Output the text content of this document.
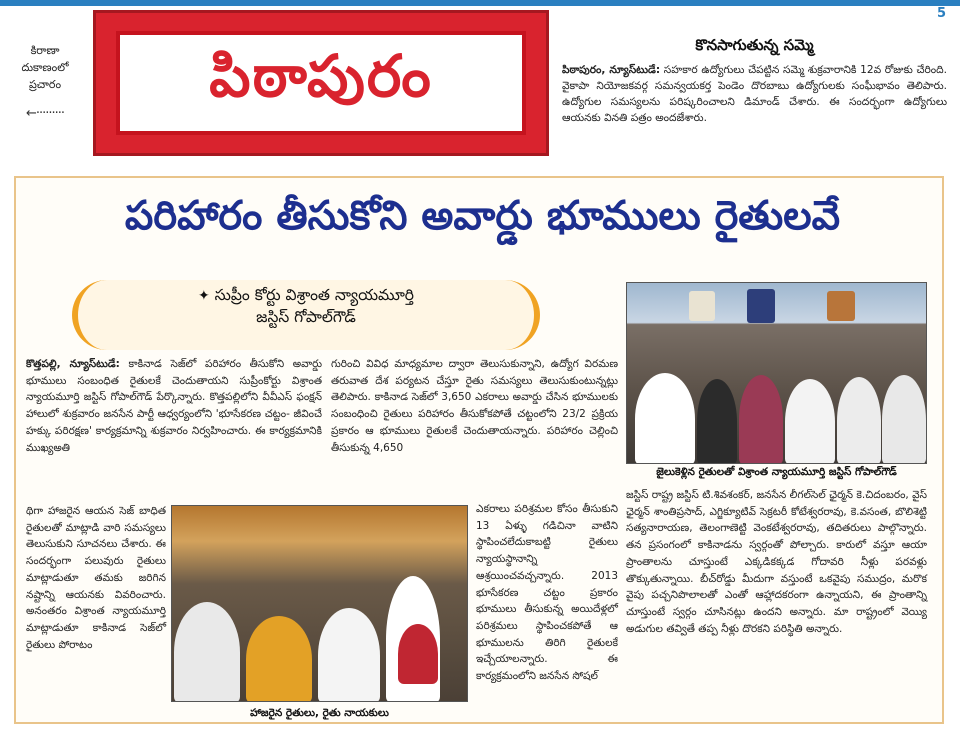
5
కిరాణా
దుకాణంలో
ప్రచారం
←·········
పిఠాపురం	కొనసాగుతున్న సమ్మె
పిఠాపురం, న్యూస్‌టుడే: సహకార ఉద్యోగులు చేపట్టిన సమ్మె శుక్రవారానికి 12వ రోజుకు చేరింది. వైకాపా నియోజకవర్గ సమన్వయకర్త పెండెం దొరబాబు ఉద్యోగులకు సంఘీభావం తెలిపారు. ఉద్యోగుల సమస్యలను పరిష్కరించాలని డిమాండ్ చేశారు. ఈ సందర్భంగా ఉద్యోగులు ఆయనకు వినతి పత్రం అందజేశారు.
పరిహారం తీసుకోని అవార్డు భూములు రైతులవే
✦ సుప్రీం కోర్టు విశ్రాంత న్యాయమూర్తి
జస్టిస్ గోపాల్‌గౌడ్
కొత్తపల్లి, న్యూస్‌టుడే: కాకినాడ సెజ్‌లో పరిహారం తీసుకోని అవార్డు భూములు సంబంధిత రైతులకే చెందుతాయని సుప్రీంకోర్టు విశ్రాంత న్యాయమూర్తి జస్టిస్ గోపాల్‌గౌడ్ పేర్కొన్నారు. కొత్తపల్లిలోని వీవీఎస్ ఫంక్షన్ హాలులో శుక్రవారం జనసేన పార్టీ ఆధ్వర్యంలోని 'భూసేకరణ చట్టం- జీవించే హక్కు పరిరక్షణ' కార్యక్రమాన్ని శుక్రవారం నిర్వహించారు. ఈ కార్యక్రమానికి ముఖ్యఅతి
థిగా హాజరైన ఆయన సెజ్ బాధిత రైతులతో మాట్లాడి వారి సమస్యలు తెలుసుకుని సూచనలు చేశారు. ఈ సందర్భంగా పలువురు రైతులు మాట్లాడుతూ తమకు జరిగిన నష్టాన్ని ఆయనకు వివరించారు. అనంతరం విశ్రాంత న్యాయమూర్తి మాట్లాడుతూ కాకినాడ సెజ్‌లో రైతులు పోరాటం
గురించి వివిధ మాధ్యమాల ద్వారా తెలుసుకున్నాని, ఉద్యోగ విరమణ తరువాత దేశ పర్యటన చేస్తూ రైతు సమస్యలు తెలుసుకుంటున్నట్లు తెలిపారు. కాకినాడ సెజ్‌లో 3,650 ఎకరాలు అవార్డు చేసిన భూములకు సంబంధించి రైతులు పరిహారం తీసుకోకపోతే చట్టంలోని 23/2 ప్రక్రియ ప్రకారం ఆ భూములు రైతులకే చెందుతాయన్నారు. పరిహారం చెల్లించి తీసుకున్న 4,650
ఎకరాలు పరిశ్రమల కోసం తీసుకుని 13 ఏళ్ళు గడిచినా వాటిని స్థాపించలేదుకాబట్టి రైతులు న్యాయస్థానాన్ని ఆశ్రయించవచ్చన్నారు. 2013 భూసేకరణ చట్టం ప్రకారం భూములు తీసుకున్న అయిదేళ్లలో పరిశ్రమలు స్థాపించకపోతే ఆ భూములను తిరిగి రైతులకే ఇచ్చేయాలన్నారు. ఈ కార్యక్రమంలోని జనసేన సోషల్
జస్టిస్ రాష్ట్ర జస్టిస్ టి.శివశంకర్, జనసేన లీగల్‌సెల్ ఛైర్మన్ కె.చిదంబరం, వైస్ ఛైర్మన్ శాంతిప్రసాద్, ఎగ్జిక్యూటివ్ సెక్రటరీ కోటేశ్వరరావు, కె.వసంత, బొలిశెట్టి సత్యనారాయణ, తెలంగాణెట్టి వెంకటేశ్వరరావు, తదితరులు పాల్గొన్నారు. తన ప్రసంగంలో కాకినాడను స్వర్గంతో పోల్చారు. కారులో వస్తూ ఆయా ప్రాంతాలను చూస్తుంటే ఎక్కడికక్కడ గోదావరి నీళ్లు పరవళ్లు తొక్కుతున్నాయి. బీచ్‌రోడ్డు మీదుగా వస్తుంటే ఒకవైపు సముద్రం, మరొక వైపు పచ్చనిపొలాలతో ఎంతో ఆహ్లాదకరంగా ఉన్నాయని, ఈ ప్రాంతాన్ని చూస్తుంటే స్వర్గం చూసినట్లు ఉందని అన్నారు. మా రాష్ట్రంలో వెయ్యి అడుగుల తవ్వితే తప్ప నీళ్లు దొరకని పరిస్థితి అన్నారు.
జైలుకెళ్లిన రైతులతో విశ్రాంత న్యాయమూర్తి జస్టిస్ గోపాల్‌గౌడ్
హాజరైన రైతులు, రైతు నాయకులు
